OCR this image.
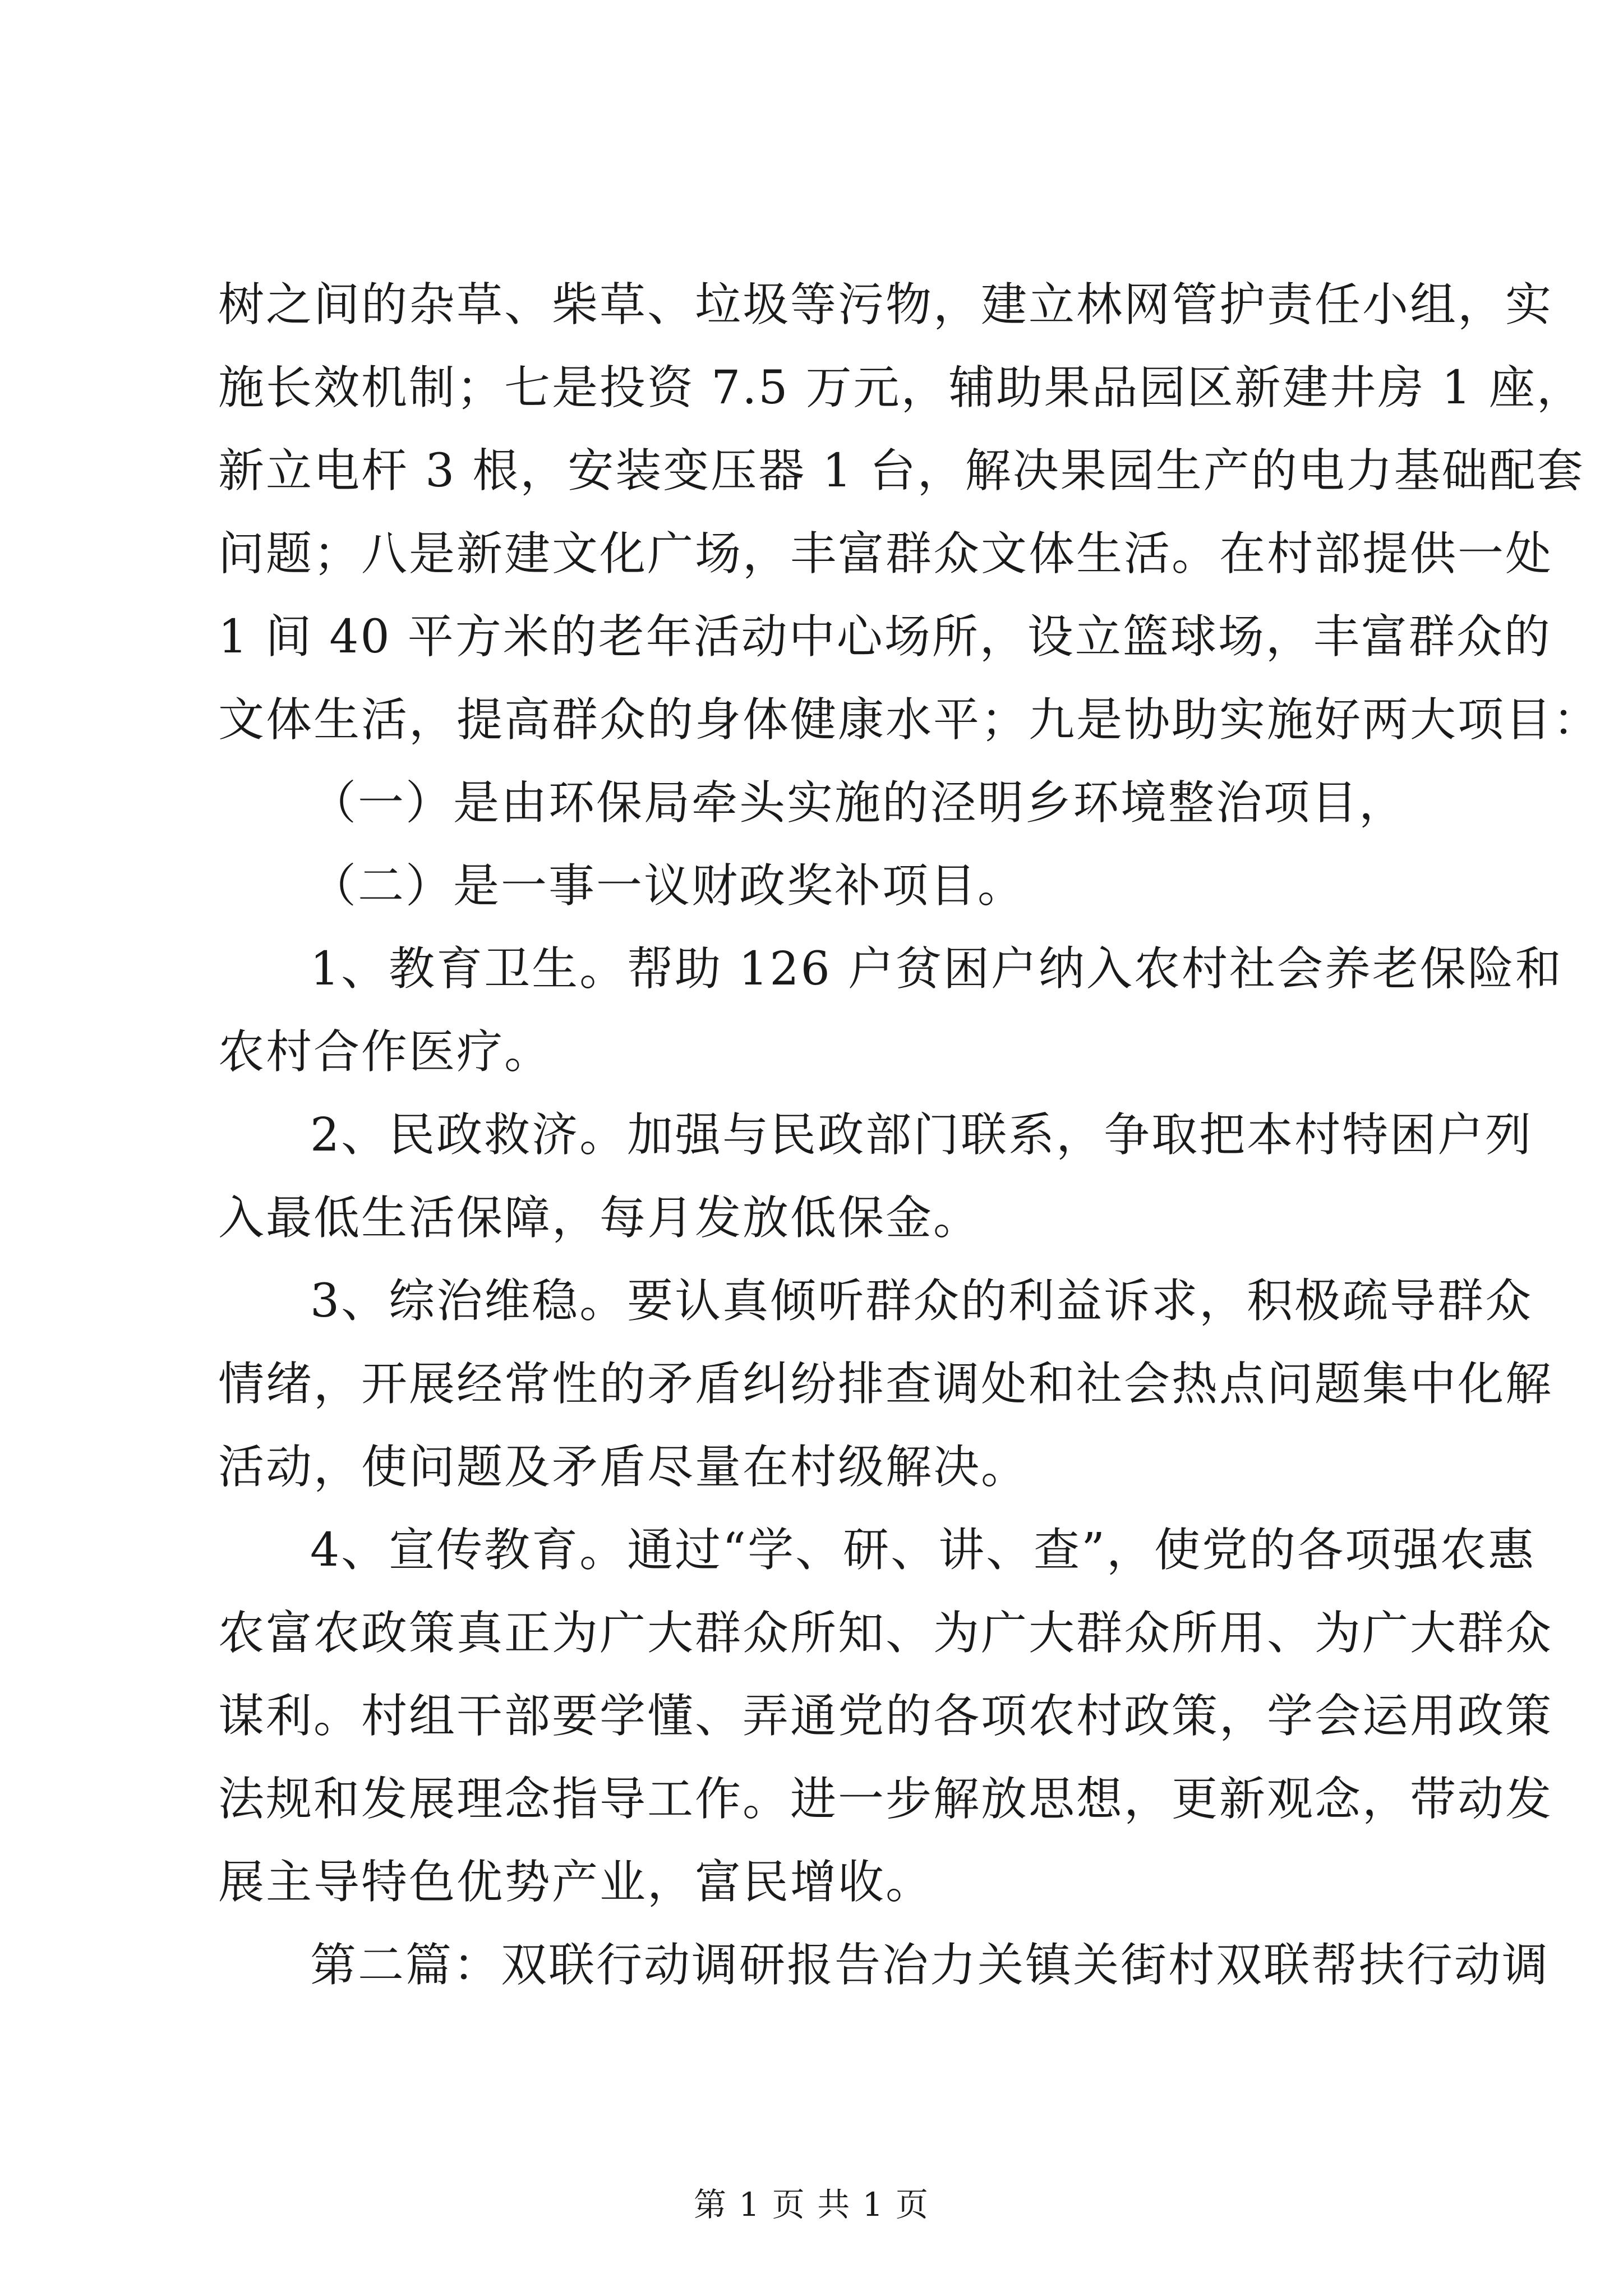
树之间的杂草、柴草、垃圾等污物，建立林网管护责任小组，实
施长效机制；七是投资 7.5 万元，辅助果品园区新建井房 1 座，
新立电杆 3 根，安装变压器 1 台，解决果园生产的电力基础配套
问题；八是新建文化广场，丰富群众文体生活。在村部提供一处
1 间 40 平方米的老年活动中心场所，设立篮球场，丰富群众的
文体生活，提高群众的身体健康水平；九是协助实施好两大项目：
（一）是由环保局牵头实施的泾明乡环境整治项目，
（二）是一事一议财政奖补项目。
1、教育卫生。帮助 126 户贫困户纳入农村社会养老保险和
农村合作医疗。
2、民政救济。加强与民政部门联系，争取把本村特困户列
入最低生活保障，每月发放低保金。
3、综治维稳。要认真倾听群众的利益诉求，积极疏导群众
情绪，开展经常性的矛盾纠纷排查调处和社会热点问题集中化解
活动，使问题及矛盾尽量在村级解决。
4、宣传教育。通过“学、研、讲、查”，使党的各项强农惠
农富农政策真正为广大群众所知、为广大群众所用、为广大群众
谋利。村组干部要学懂、弄通党的各项农村政策，学会运用政策
法规和发展理念指导工作。进一步解放思想，更新观念，带动发
展主导特色优势产业，富民增收。
第二篇：双联行动调研报告冶力关镇关街村双联帮扶行动调
第 1 页 共 1 页
